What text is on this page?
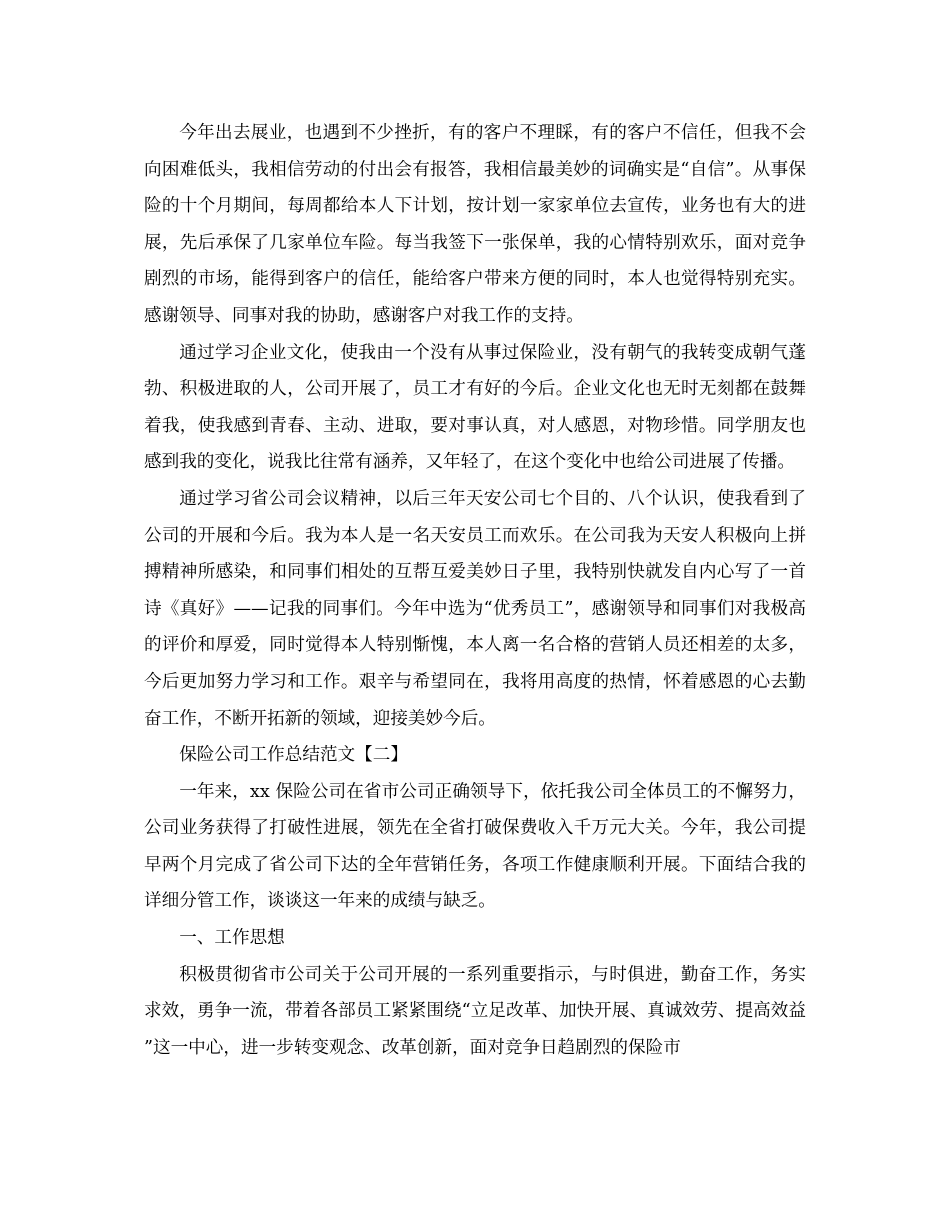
今年出去展业，也遇到不少挫折，有的客户不理睬，有的客户不信任，但我不会向困难低头，我相信劳动的付出会有报答，我相信最美妙的词确实是“自信”。从事保险的十个月期间，每周都给本人下计划，按计划一家家单位去宣传，业务也有大的进展，先后承保了几家单位车险。每当我签下一张保单，我的心情特别欢乐，面对竞争剧烈的市场，能得到客户的信任，能给客户带来方便的同时，本人也觉得特别充实。感谢领导、同事对我的协助，感谢客户对我工作的支持。

通过学习企业文化，使我由一个没有从事过保险业，没有朝气的我转变成朝气蓬勃、积极进取的人，公司开展了，员工才有好的今后。企业文化也无时无刻都在鼓舞着我，使我感到青春、主动、进取，要对事认真，对人感恩，对物珍惜。同学朋友也感到我的变化，说我比往常有涵养，又年轻了，在这个变化中也给公司进展了传播。

通过学习省公司会议精神，以后三年天安公司七个目的、八个认识，使我看到了公司的开展和今后。我为本人是一名天安员工而欢乐。在公司我为天安人积极向上拼搏精神所感染，和同事们相处的互帮互爱美妙日子里，我特别快就发自内心写了一首诗《真好》——记我的同事们。今年中选为“优秀员工”，感谢领导和同事们对我极高的评价和厚爱，同时觉得本人特别惭愧，本人离一名合格的营销人员还相差的太多，今后更加努力学习和工作。艰辛与希望同在，我将用高度的热情，怀着感恩的心去勤奋工作，不断开拓新的领域，迎接美妙今后。

保险公司工作总结范文【二】

一年来，xx 保险公司在省市公司正确领导下，依托我公司全体员工的不懈努力，公司业务获得了打破性进展，领先在全省打破保费收入千万元大关。今年，我公司提早两个月完成了省公司下达的全年营销任务，各项工作健康顺利开展。下面结合我的详细分管工作，谈谈这一年来的成绩与缺乏。

一、工作思想

积极贯彻省市公司关于公司开展的一系列重要指示，与时俱进，勤奋工作，务实求效，勇争一流，带着各部员工紧紧围绕“立足改革、加快开展、真诚效劳、提高效益”这一中心，进一步转变观念、改革创新，面对竞争日趋剧烈的保险市
